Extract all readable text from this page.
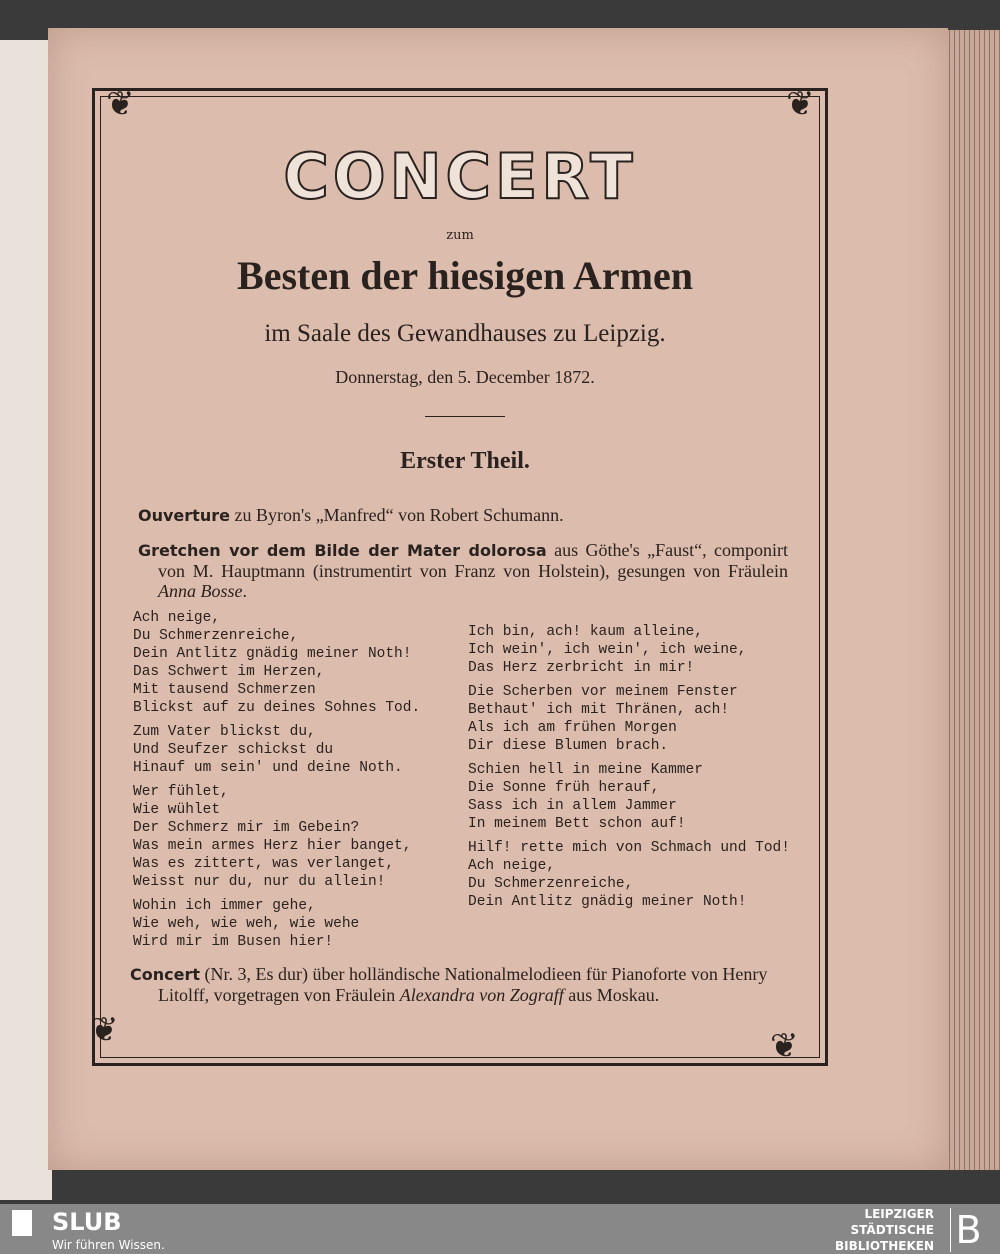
❦	❦
❦	❦
CONCERT
zum
Besten der hiesigen Armen
im Saale des Gewandhauses zu Leipzig.
Donnerstag, den 5. December 1872.
Erster Theil.
Ouverture zu Byron's „Manfred“ von Robert Schumann.
Gretchen vor dem Bilde der Mater dolorosa aus Göthe's „Faust“, componirt von M. Hauptmann (instrumentirt von Franz von Holstein), gesungen von Fräulein Anna Bosse.
Ach neige,
Du Schmerzenreiche,
Dein Antlitz gnädig meiner Noth!
Das Schwert im Herzen,
Mit tausend Schmerzen
Blickst auf zu deines Sohnes Tod.
Zum Vater blickst du,
Und Seufzer schickst du
Hinauf um sein' und deine Noth.
Wer fühlet,
Wie wühlet
Der Schmerz mir im Gebein?
Was mein armes Herz hier banget,
Was es zittert, was verlanget,
Weisst nur du, nur du allein!
Wohin ich immer gehe,
Wie weh, wie weh, wie wehe
Wird mir im Busen hier!
Ich bin, ach! kaum alleine,
Ich wein', ich wein', ich weine,
Das Herz zerbricht in mir!
Die Scherben vor meinem Fenster
Bethaut' ich mit Thränen, ach!
Als ich am frühen Morgen
Dir diese Blumen brach.
Schien hell in meine Kammer
Die Sonne früh herauf,
Sass ich in allem Jammer
In meinem Bett schon auf!
Hilf! rette mich von Schmach und Tod!
Ach neige,
Du Schmerzenreiche,
Dein Antlitz gnädig meiner Noth!
Concert (Nr. 3, Es dur) über holländische Nationalmelodieen für Pianoforte von Henry Litolff, vorgetragen von Fräulein Alexandra von Zograff aus Moskau.
SLUB
Wir führen Wissen.
LEIPZIGER
STÄDTISCHE
BIBLIOTHEKEN B
